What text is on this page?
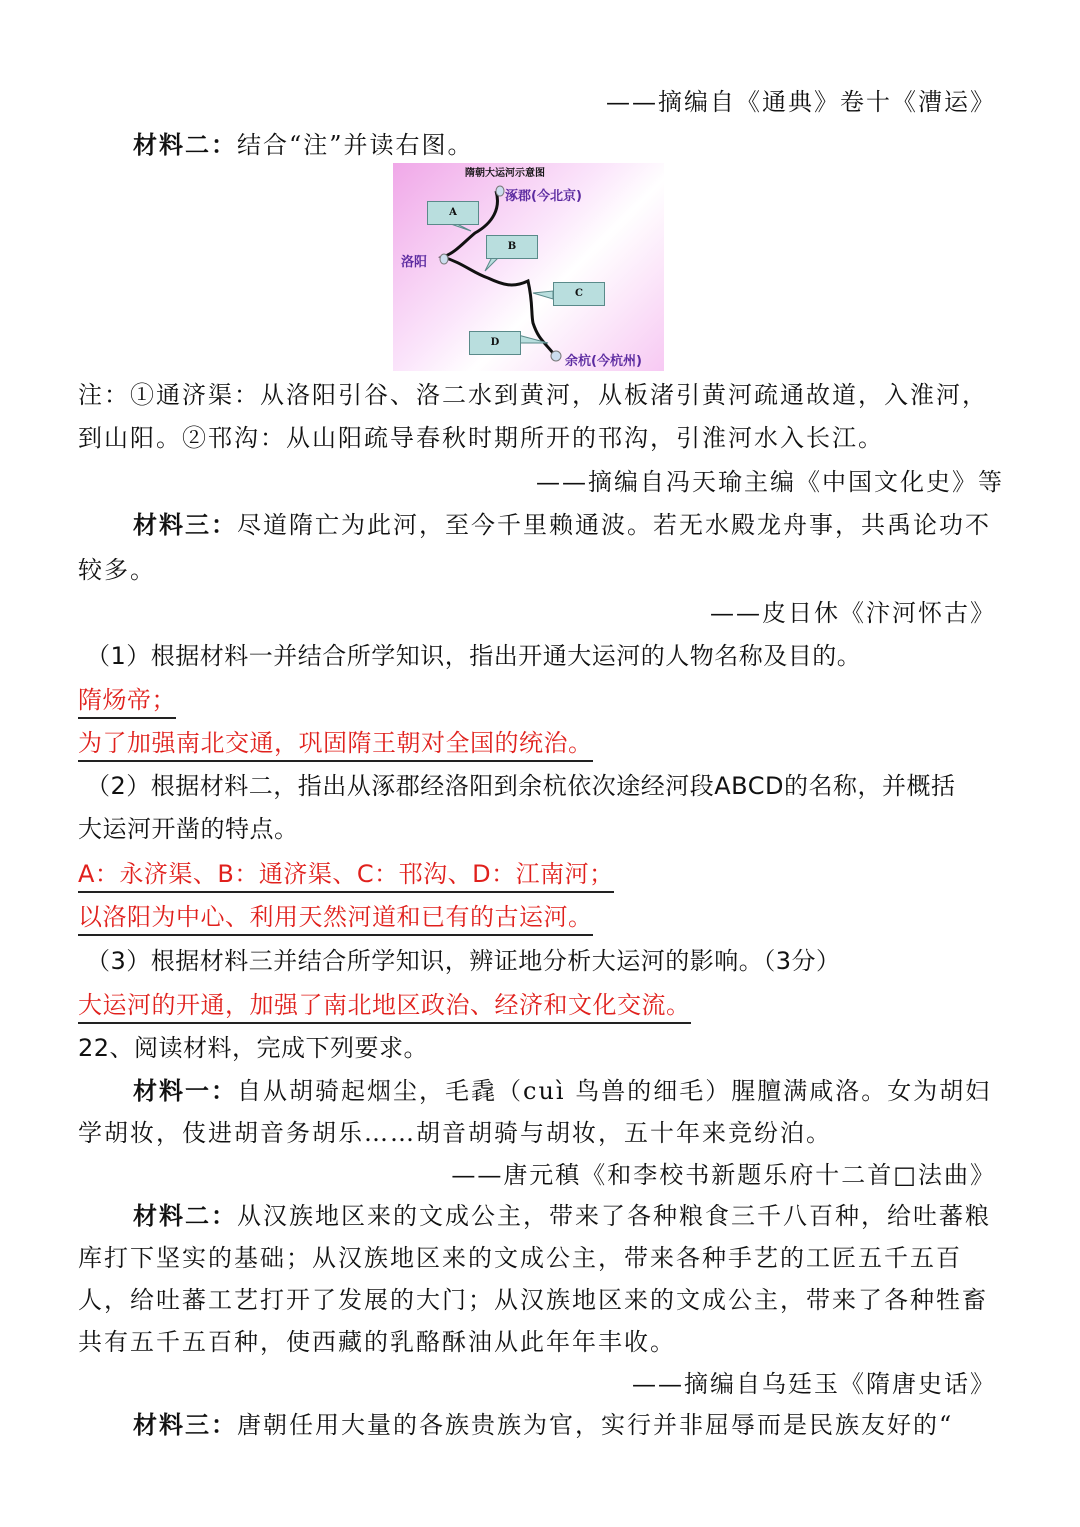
——摘编自《通典》卷十《漕运》
材料二：结合“注”并读右图。
隋朝大运河示意图
涿郡(今北京)
洛阳
余杭(今杭州)
A
B
C
D
注：①通济渠：从洛阳引谷、洛二水到黄河，从板渚引黄河疏通故道，入淮河，
到山阳。②邗沟：从山阳疏导春秋时期所开的邗沟，引淮河水入长江。
——摘编自冯天瑜主编《中国文化史》等
材料三：尽道隋亡为此河，至今千里赖通波。若无水殿龙舟事，共禹论功不
较多。
——皮日休《汴河怀古》
（1）根据材料一并结合所学知识，指出开通大运河的人物名称及目的。
隋炀帝；
为了加强南北交通，巩固隋王朝对全国的统治。
（2）根据材料二，指出从涿郡经洛阳到余杭依次途经河段ABCD的名称，并概括
大运河开凿的特点。
A：永济渠、B：通济渠、C：邗沟、D：江南河；
以洛阳为中心、利用天然河道和已有的古运河。
（3）根据材料三并结合所学知识，辨证地分析大运河的影响。（3分）
大运河的开通，加强了南北地区政治、经济和文化交流。
22、阅读材料，完成下列要求。
材料一：自从胡骑起烟尘，毛毳（cuì 鸟兽的细毛）腥膻满咸洛。女为胡妇
学胡妆，伎进胡音务胡乐……胡音胡骑与胡妆，五十年来竞纷泊。
——唐元稹《和李校书新题乐府十二首□法曲》
材料二：从汉族地区来的文成公主，带来了各种粮食三千八百种，给吐蕃粮
库打下坚实的基础；从汉族地区来的文成公主，带来各种手艺的工匠五千五百
人，给吐蕃工艺打开了发展的大门；从汉族地区来的文成公主，带来了各种牲畜
共有五千五百种，使西藏的乳酪酥油从此年年丰收。
——摘编自乌廷玉《隋唐史话》
材料三：唐朝任用大量的各族贵族为官，实行并非屈辱而是民族友好的“
